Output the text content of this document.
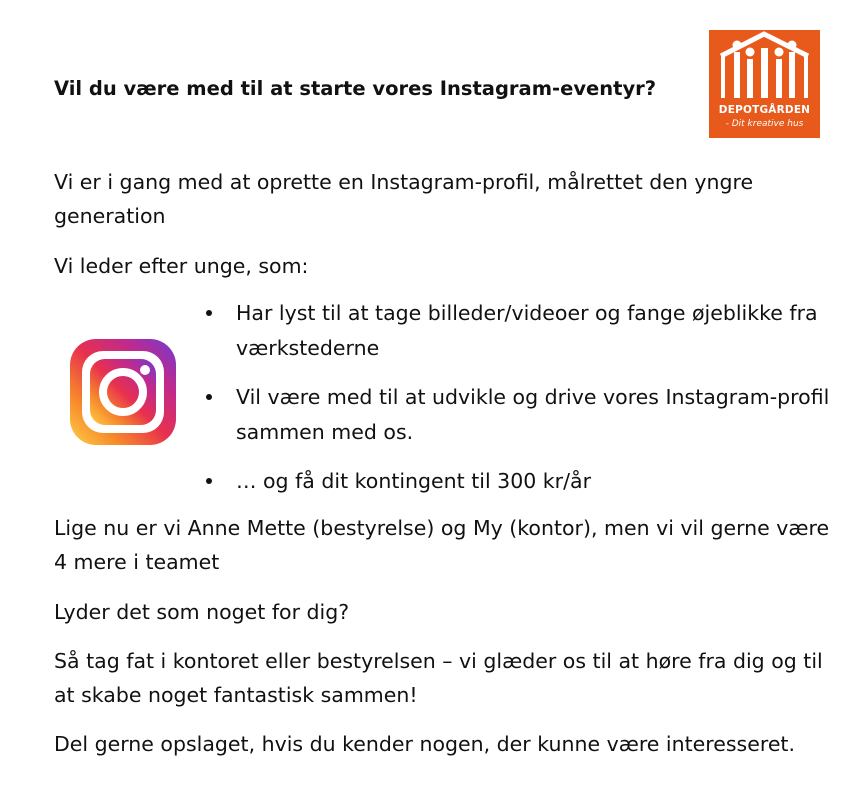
Vil du være med til at starte vores Instagram-eventyr?
DEPOTGÅRDEN
- Dit kreative hus
Vi er i gang med at oprette en Instagram-profil, målrettet den yngre generation
Vi leder efter unge, som:
Har lyst til at tage billeder/videoer og fange øjeblikke fra værkstederne
Vil være med til at udvikle og drive vores Instagram-profil sammen med os.
… og få dit kontingent til 300 kr/år
Lige nu er vi Anne Mette (bestyrelse) og My (kontor), men vi vil gerne være 4 mere i teamet
Lyder det som noget for dig?
Så tag fat i kontoret eller bestyrelsen – vi glæder os til at høre fra dig og til at skabe noget fantastisk sammen!
Del gerne opslaget, hvis du kender nogen, der kunne være interesseret.
